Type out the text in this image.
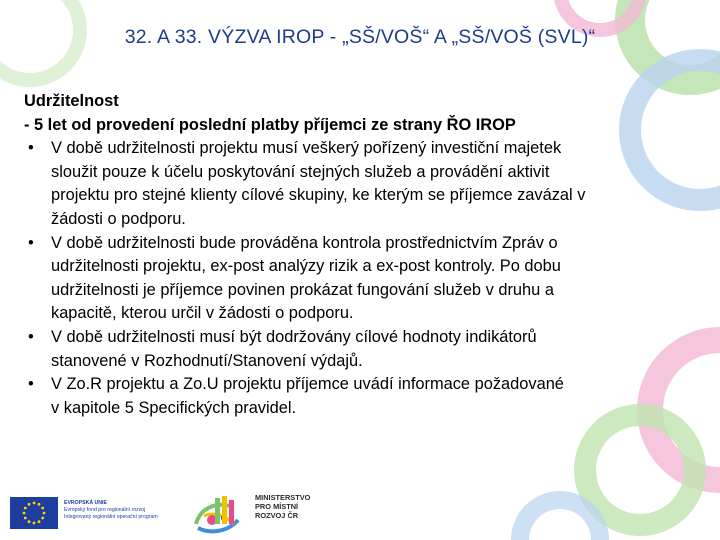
32. A 33. VÝZVA IROP - „SŠ/VOŠ“ A „SŠ/VOŠ (SVL)“
Udržitelnost
- 5 let od provedení poslední platby příjemci ze strany ŘO IROP
• V době udržitelnosti projektu musí veškerý pořízený investiční majetek
sloužit pouze k účelu poskytování stejných služeb a provádění aktivit
projektu pro stejné klienty cílové skupiny, ke kterým se příjemce zavázal v
žádosti o podporu.
• V době udržitelnosti bude prováděna kontrola prostřednictvím Zpráv o
udržitelnosti projektu, ex-post analýzy rizik a ex-post kontroly. Po dobu
udržitelnosti je příjemce povinen prokázat fungování služeb v druhu a
kapacitě, kterou určil v žádosti o podporu.
• V době udržitelnosti musí být dodržovány cílové hodnoty indikátorů
stanovené v Rozhodnutí/Stanovení výdajů.
• V Zo.R projektu a Zo.U projektu příjemce uvádí informace požadované
v kapitole 5 Specifických pravidel.
EVROPSKÁ UNIE
Evropský fond pro regionální rozvoj
Integrovaný regionální operační program
MINISTERSTVO
PRO MÍSTNÍ
ROZVOJ ČR
